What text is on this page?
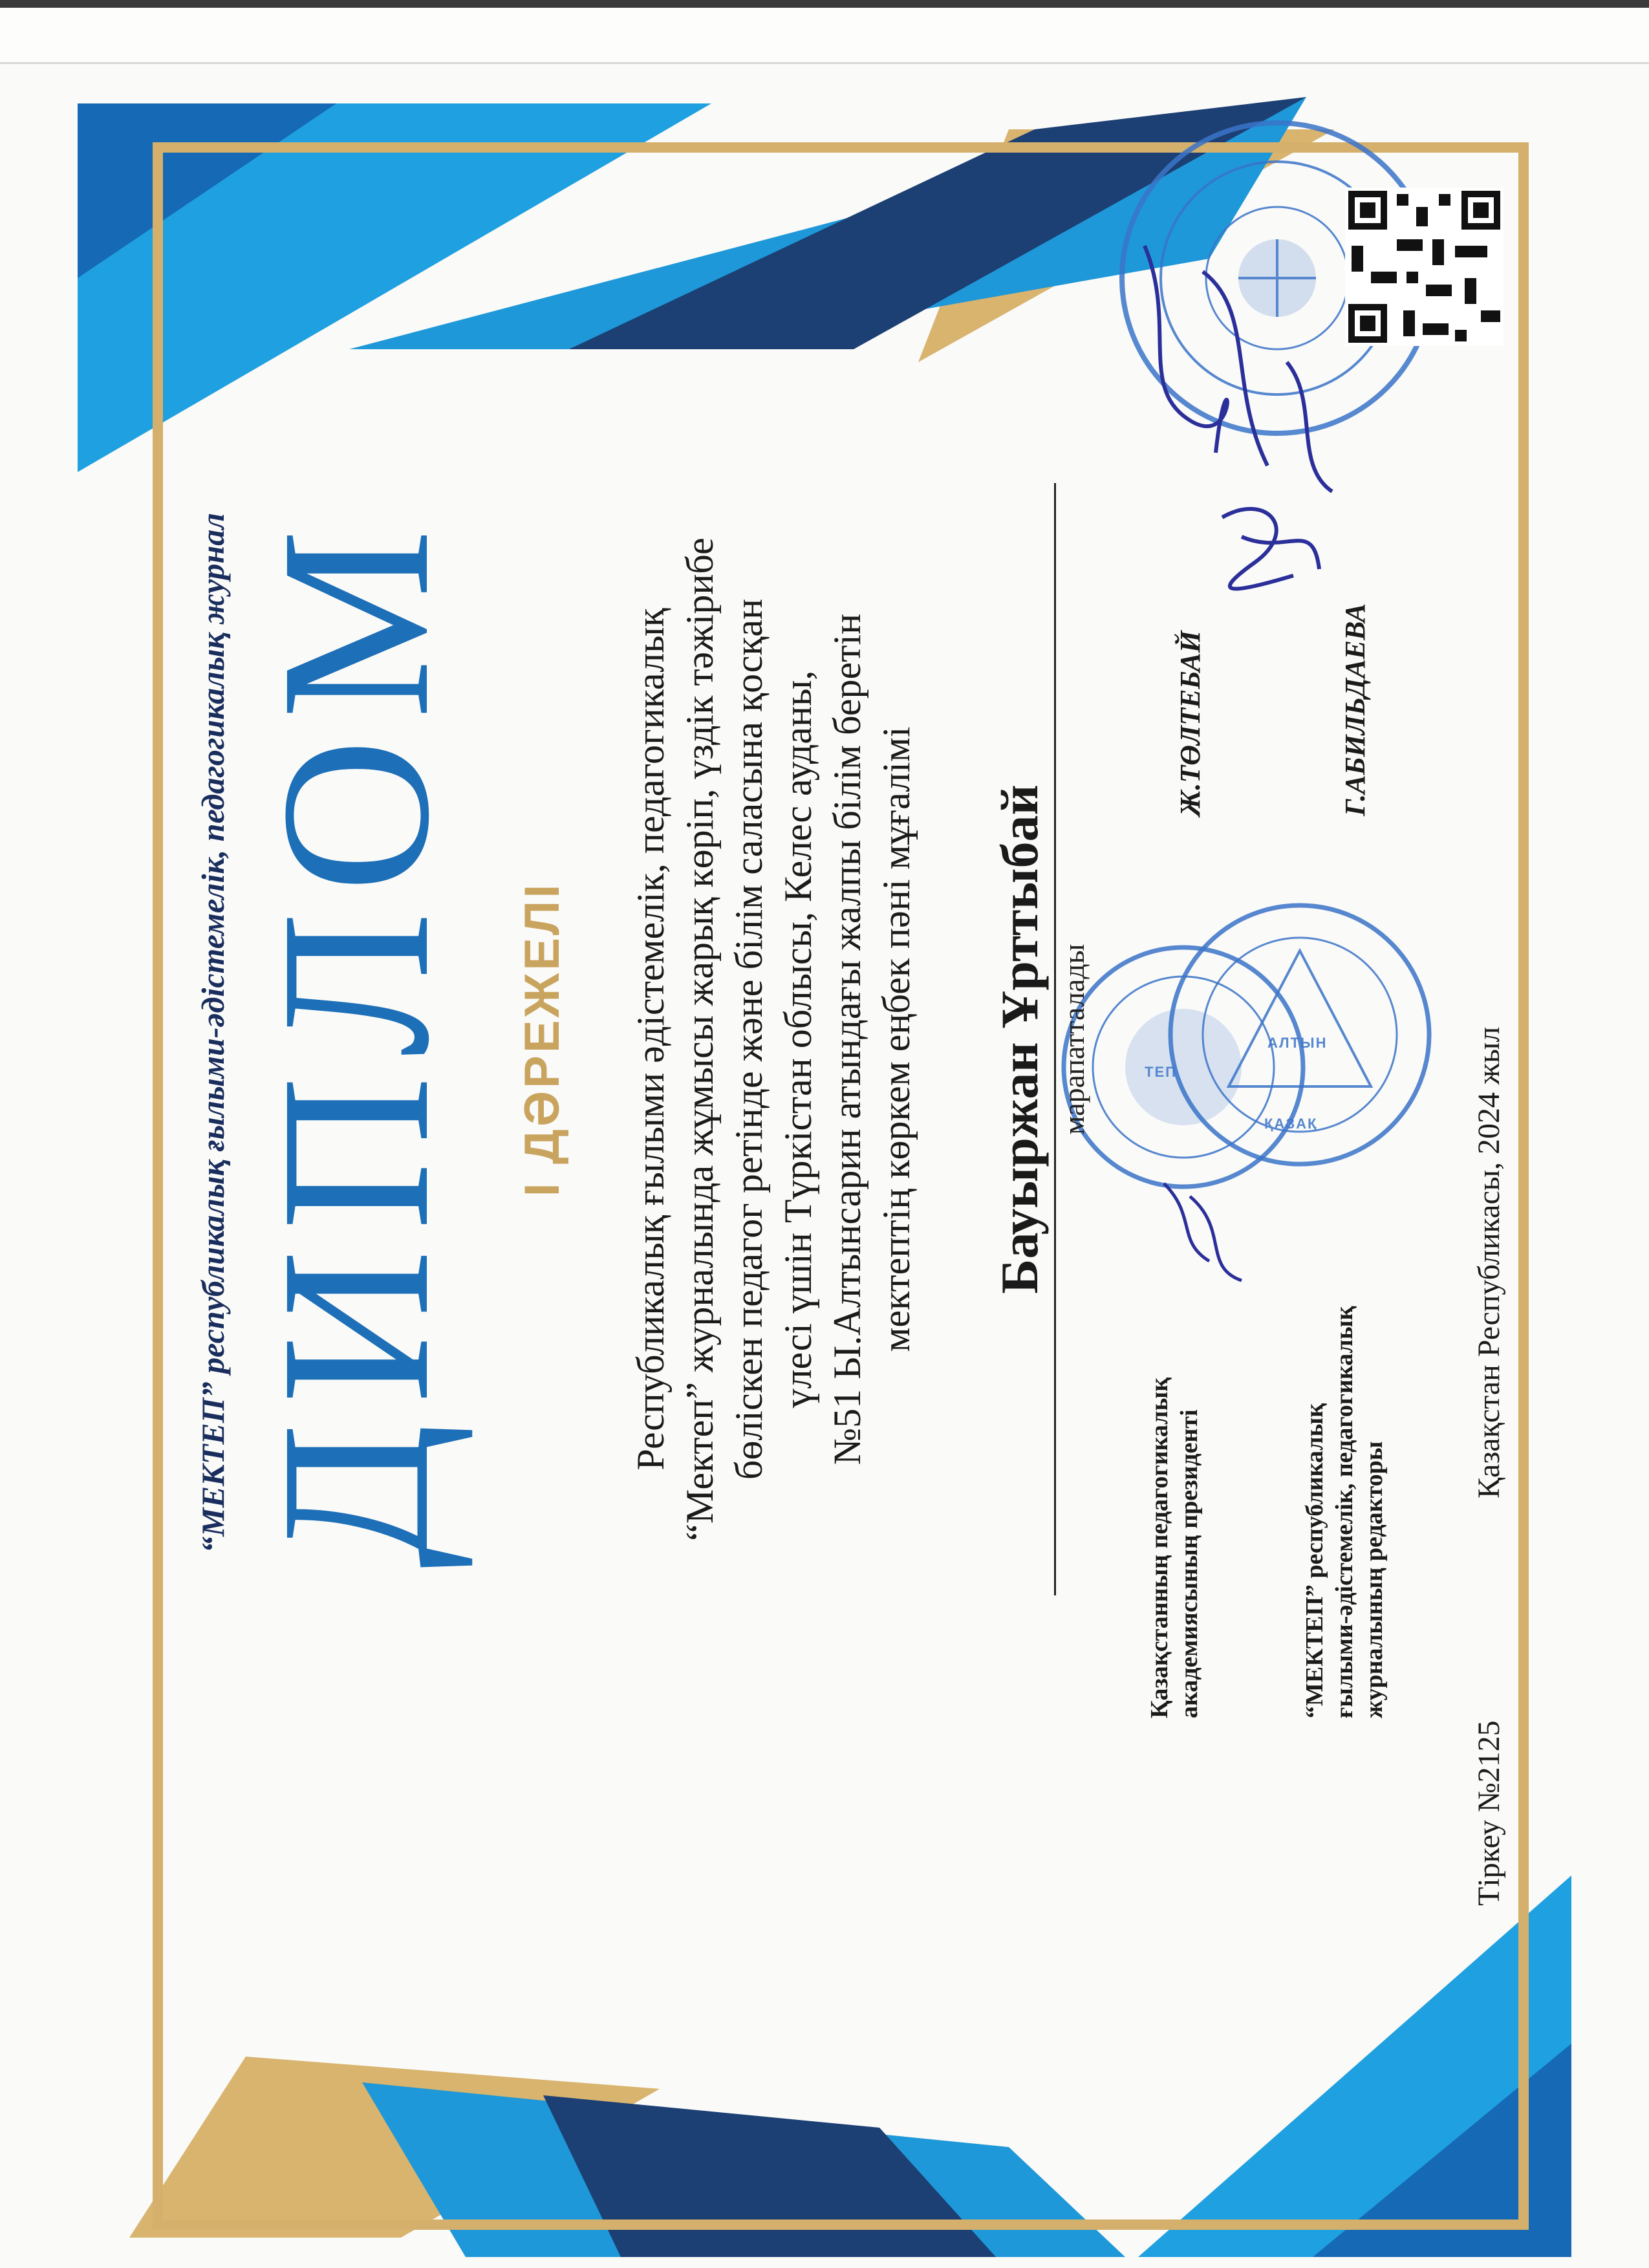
ТЕП
АЛТЫН
ҚАЗАҚ
“МЕКТЕП” республикалық ғылыми-әдістемелік, педагогикалық журнал ДИПЛОМ I ДӘРЕЖЕЛІ Республикалық ғылыми әдістемелік, педагогикалық “Мектеп” журналында жұмысы жарық көріп, үздік тәжірибе бөліскен педагог ретінде және білім саласына қосқан үлесі үшін Түркістан облысы, Келес ауданы, №51 Ы.Алтынсарин атындағы жалпы білім беретін мектептің көркем еңбек пәні мұғалімі Бауыржан Ұрттыбай марапатталады
Қазақстанның педагогикалық академиясының президенті
Ж.ТӨЛТЕБАЙ
“МЕКТЕП” республикалық ғылыми-әдістемелік, педагогикалық журналының редакторы
Г.АБИЛЬДАЕВА
Тіркеу №2125
Қазақстан Республикасы, 2024 жыл
